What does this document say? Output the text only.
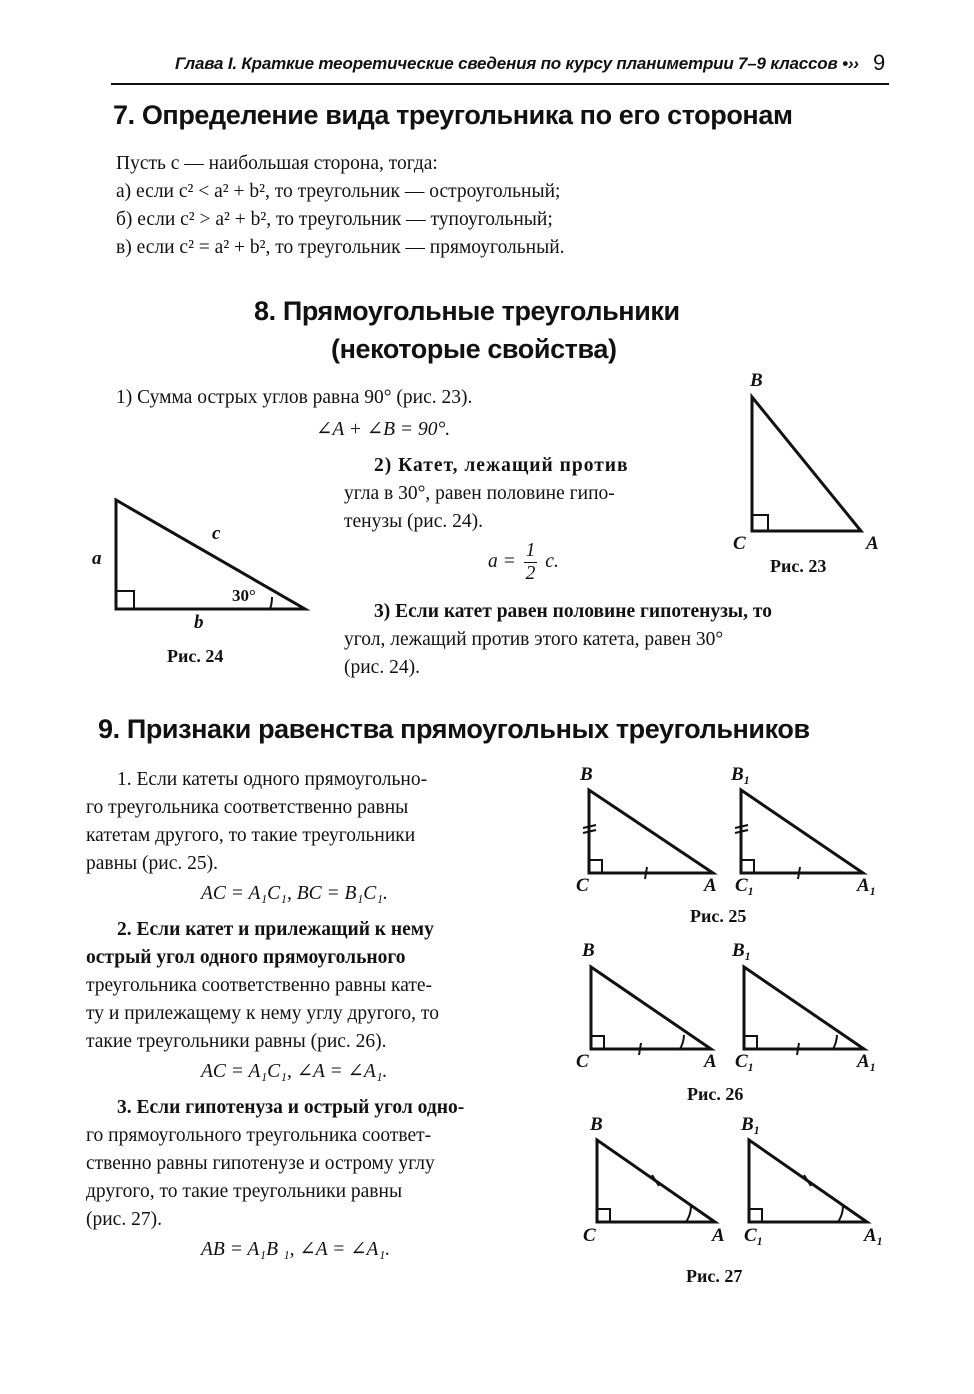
Глава I. Краткие теоретические сведения по курсу планиметрии 7–9 классов •›› 9
7. Определение вида треугольника по его сторонам
Пусть c — наибольшая сторона, тогда:
а) если c² < a² + b², то треугольник — остроугольный;
б) если c² > a² + b², то треугольник — тупоугольный;
в) если c² = a² + b², то треугольник — прямоугольный.
8. Прямоугольные треугольники
(некоторые свойства)
1) Сумма острых углов равна 90° (рис. 23).
∠A + ∠B = 90°.
2) Катет, лежащий против
угла в 30°, равен половине гипо-
тенузы (рис. 24).
$a = \frac{1}{2} c$.
3) Если катет равен половине гипотенузы, то
угол, лежащий против этого катета, равен 30°
(рис. 24).
B
C	A
Рис. 23
a
c
b
30°
Рис. 24
9. Признаки равенства прямоугольных треугольников
1. Если катеты одного прямоугольно-
го треугольника соответственно равны
катетам другого, то такие треугольники
равны (рис. 25).
AC = A₁C₁, BC = B₁C₁.
2. Если катет и прилежащий к нему
острый угол одного прямоугольного
треугольника соответственно равны кате-
ту и прилежащему к нему углу другого, то
такие треугольники равны (рис. 26).
AC = A₁C₁, ∠A = ∠A₁.
3. Если гипотенуза и острый угол одно-
го прямоугольного треугольника соответ-
ственно равны гипотенузе и острому углу
другого, то такие треугольники равны
(рис. 27).
AB = A₁B ₁, ∠A = ∠A₁.
B
C	A
B₁
C₁	A₁
Рис. 25
B
C	A
B₁
C₁	A₁
Рис. 26
B
C	A
B₁
C₁	A₁
Рис. 27
